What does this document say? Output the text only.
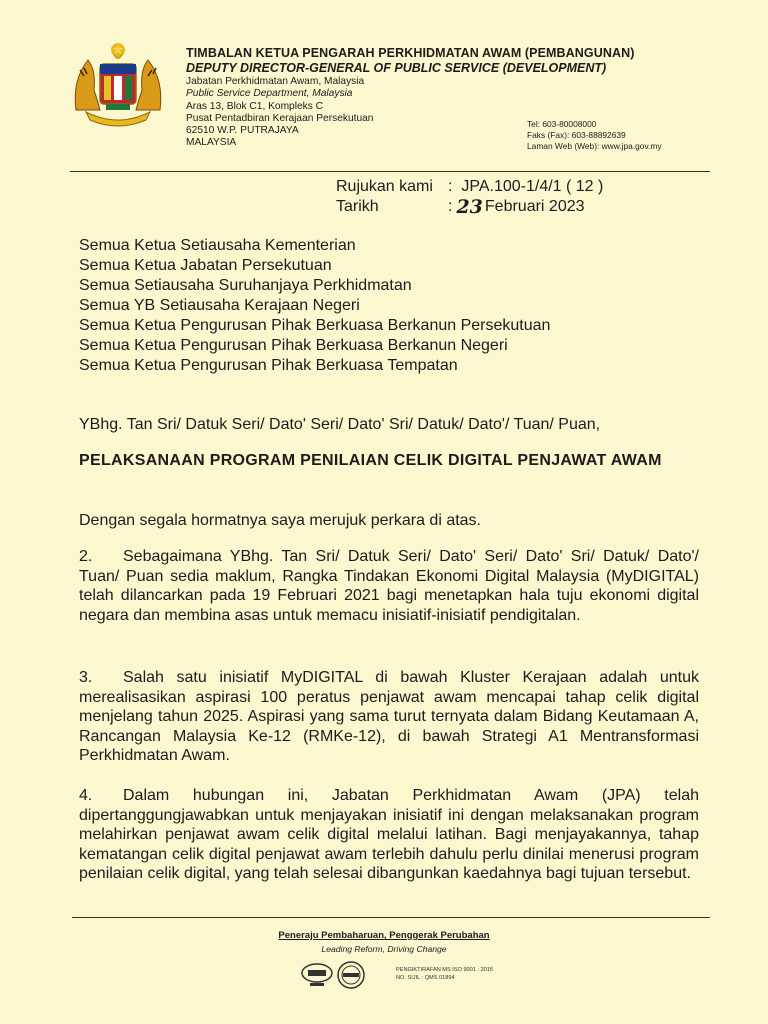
TIMBALAN KETUA PENGARAH PERKHIDMATAN AWAM (PEMBANGUNAN)
DEPUTY DIRECTOR-GENERAL OF PUBLIC SERVICE (DEVELOPMENT)
Jabatan Perkhidmatan Awam, Malaysia
Public Service Department, Malaysia
Aras 13, Blok C1, Kompleks C
Pusat Pentadbiran Kerajaan Persekutuan
62510 W.P. PUTRAJAYA
MALAYSIA
Tel: 603-80008000
Faks (Fax): 603-88892639
Laman Web (Web): www.jpa.gov.my
Rujukan kami : JPA.100-1/4/1 ( 12 )
Tarikh	: 23 Februari 2023
Semua Ketua Setiausaha Kementerian
Semua Ketua Jabatan Persekutuan
Semua Setiausaha Suruhanjaya Perkhidmatan
Semua YB Setiausaha Kerajaan Negeri
Semua Ketua Pengurusan Pihak Berkuasa Berkanun Persekutuan
Semua Ketua Pengurusan Pihak Berkuasa Berkanun Negeri
Semua Ketua Pengurusan Pihak Berkuasa Tempatan
YBhg. Tan Sri/ Datuk Seri/ Dato' Seri/ Dato' Sri/ Datuk/ Dato'/ Tuan/ Puan,
PELAKSANAAN PROGRAM PENILAIAN CELIK DIGITAL PENJAWAT AWAM
Dengan segala hormatnya saya merujuk perkara di atas.
2. Sebagaimana YBhg. Tan Sri/ Datuk Seri/ Dato' Seri/ Dato' Sri/ Datuk/ Dato'/ Tuan/ Puan sedia maklum, Rangka Tindakan Ekonomi Digital Malaysia (MyDIGITAL) telah dilancarkan pada 19 Februari 2021 bagi menetapkan hala tuju ekonomi digital negara dan membina asas untuk memacu inisiatif-inisiatif pendigitalan.
3. Salah satu inisiatif MyDIGITAL di bawah Kluster Kerajaan adalah untuk merealisasikan aspirasi 100 peratus penjawat awam mencapai tahap celik digital menjelang tahun 2025. Aspirasi yang sama turut ternyata dalam Bidang Keutamaan A, Rancangan Malaysia Ke-12 (RMKe-12), di bawah Strategi A1 Mentransformasi Perkhidmatan Awam.
4. Dalam hubungan ini, Jabatan Perkhidmatan Awam (JPA) telah dipertanggungjawabkan untuk menjayakan inisiatif ini dengan melaksanakan program melahirkan penjawat awam celik digital melalui latihan. Bagi menjayakannya, tahap kematangan celik digital penjawat awam terlebih dahulu perlu dinilai menerusi program penilaian celik digital, yang telah selesai dibangunkan kaedahnya bagi tujuan tersebut.
Peneraju Pembaharuan, Penggerak Perubahan
Leading Reform, Driving Change
PENGIKTIRAFAN MS ISO 9001 : 2015
NO. SIJIL : QMS 01894
